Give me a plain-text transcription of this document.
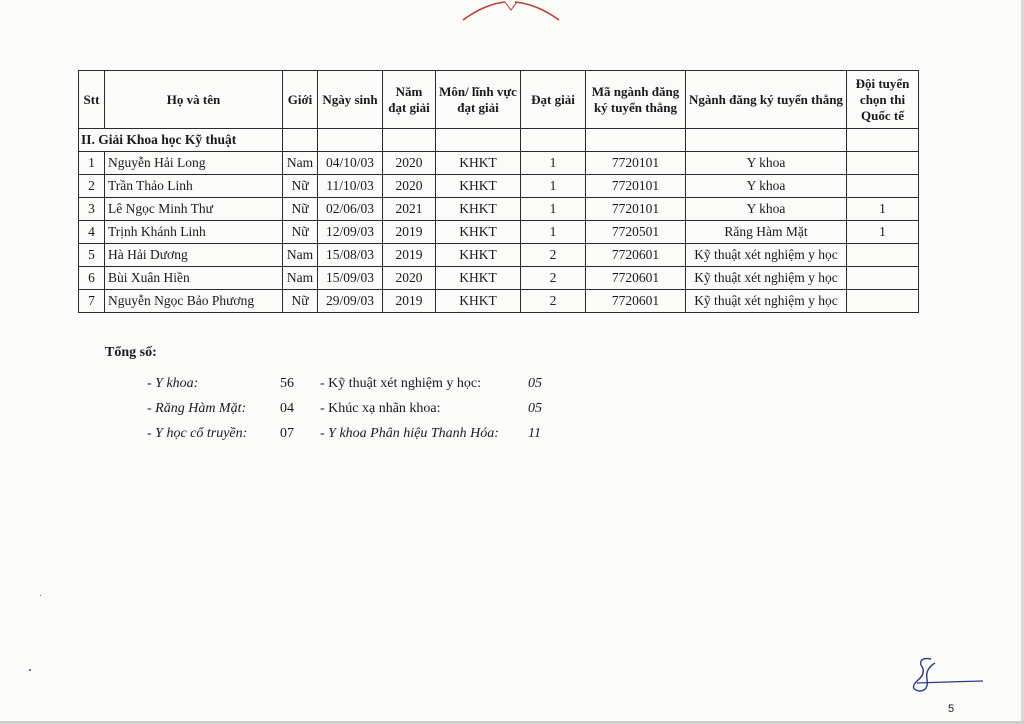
Stt	Họ và tên	Giới	Ngày sinh	Năm đạt giải	Môn/ lĩnh vực đạt giải	Đạt giải	Mã ngành đăng ký tuyển thẳng	Ngành đăng ký tuyển thẳng	Đội tuyển chọn thi Quốc tế
II. Giải Khoa học Kỹ thuật									
1	Nguyễn Hải Long	Nam	04/10/03	2020	KHKT	1	7720101	Y khoa	
2	Trần Thảo Linh	Nữ	11/10/03	2020	KHKT	1	7720101	Y khoa	
3	Lê Ngọc Minh Thư	Nữ	02/06/03	2021	KHKT	1	7720101	Y khoa	1
4	Trịnh Khánh Linh	Nữ	12/09/03	2019	KHKT	1	7720501	Răng Hàm Mặt	1
5	Hà Hải Dương	Nam	15/08/03	2019	KHKT	2	7720601	Kỹ thuật xét nghiệm y học	
6	Bùi Xuân Hiền	Nam	15/09/03	2020	KHKT	2	7720601	Kỹ thuật xét nghiệm y học	
7	Nguyễn Ngọc Bảo Phương	Nữ	29/09/03	2019	KHKT	2	7720601	Kỹ thuật xét nghiệm y học	
Tổng số:
- Y khoa:	56 - Kỹ thuật xét nghiệm y học:	05
- Răng Hàm Mặt: 04 - Khúc xạ nhãn khoa:	05
- Y học cổ truyền: 07 - Y khoa Phân hiệu Thanh Hóa: 11
5
